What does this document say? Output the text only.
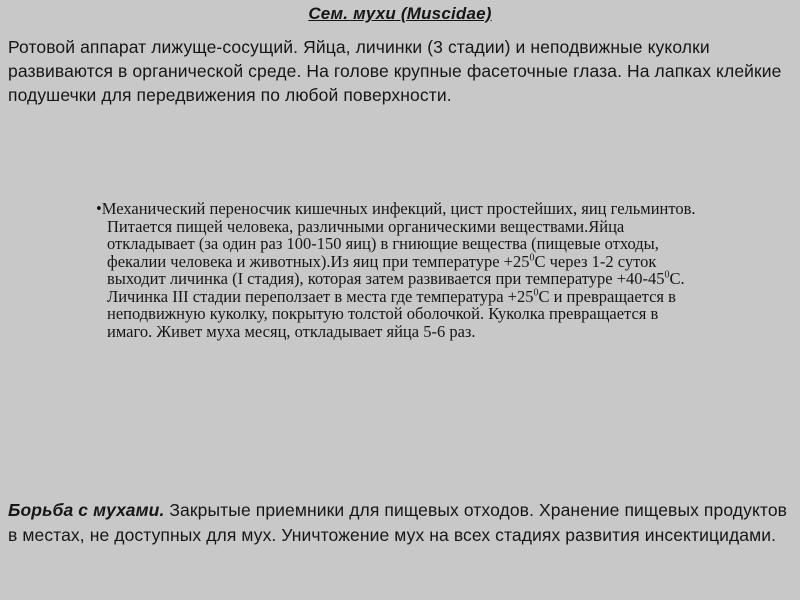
Сем. мухи (Muscidae)
Ротовой аппарат лижуще-сосущий. Яйца, личинки (3 стадии) и неподвижные куколки развиваются в органической среде. На голове крупные фасеточные глаза. На лапках клейкие подушечки для передвижения по любой поверхности.
•Механический переносчик кишечных инфекций, цист простейших, яиц гельминтов. Питается пищей человека, различными органическими веществами.Яйца откладывает (за один раз 100-150 яиц) в гниющие вещества (пищевые отходы, фекалии человека и животных).Из яиц при температуре $+25^0С$ через 1-2 суток выходит личинка (I стадия), которая затем развивается при температуре $+40-45^0С$. Личинка III стадии переползает в места где температура $+25^0С$ и превращается в неподвижную куколку, покрытую толстой оболочкой. Куколка превращается в имаго. Живет муха месяц, откладывает яйца 5-6 раз.
Борьба с мухами. Закрытые приемники для пищевых отходов. Хранение пищевых продуктов в местах, не доступных для мух. Уничтожение мух на всех стадиях развития инсектицидами.
